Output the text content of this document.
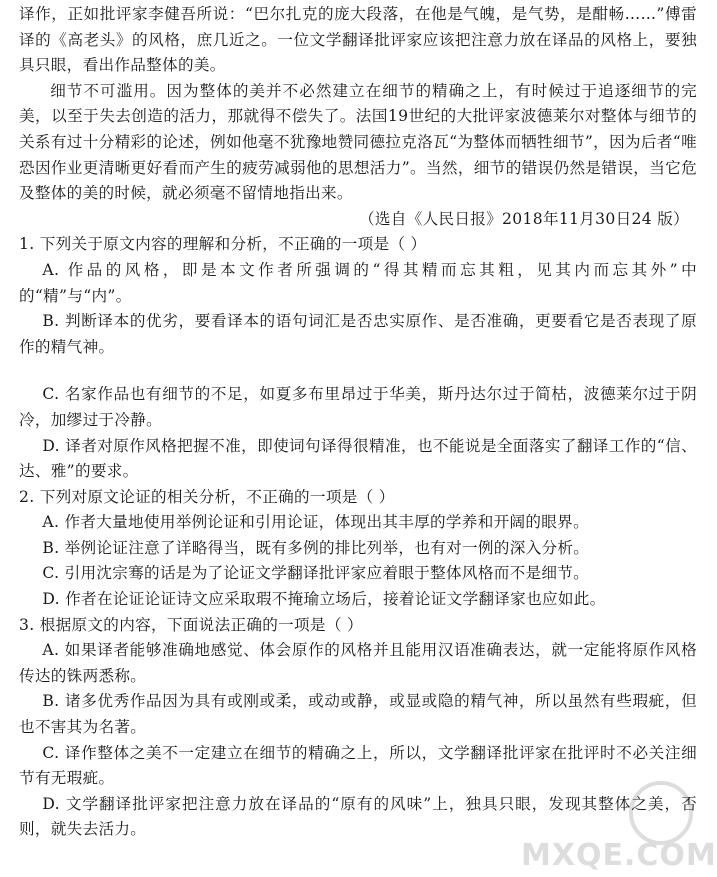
译作，正如批评家李健吾所说：“巴尔扎克的庞大段落，在他是气魄，是气势，是酣畅……”傅雷译的《高老头》的风格，庶几近之。一位文学翻译批评家应该把注意力放在译品的风格上，要独具只眼，看出作品整体的美。

细节不可滥用。因为整体的美并不必然建立在细节的精确之上，有时候过于追逐细节的完美，以至于失去创造的活力，那就得不偿失了。法国19世纪的大批评家波德莱尔对整体与细节的关系有过十分精彩的论述，例如他毫不犹豫地赞同德拉克洛瓦“为整体而牺牲细节”，因为后者“唯恐因作业更清晰更好看而产生的疲劳减弱他的思想活力”。当然，细节的错误仍然是错误，当它危及整体的美的时候，就必须毫不留情地指出来。

（选自《人民日报》2018年11月30日24 版）

1. 下列关于原文内容的理解和分析，不正确的一项是（ ）

A. 作品的风格，即是本文作者所强调的“得其精而忘其粗，见其内而忘其外”中的“精”与“内”。

B. 判断译本的优劣，要看译本的语句词汇是否忠实原作、是否准确，更要看它是否表现了原作的精气神。

C. 名家作品也有细节的不足，如夏多布里昂过于华美，斯丹达尔过于简枯，波德莱尔过于阴冷，加缪过于冷静。

D. 译者对原作风格把握不准，即使词句译得很精准，也不能说是全面落实了翻译工作的“信、达、雅”的要求。

2. 下列对原文论证的相关分析，不正确的一项是（ ）

A. 作者大量地使用举例论证和引用论证，体现出其丰厚的学养和开阔的眼界。

B. 举例论证注意了详略得当，既有多例的排比列举，也有对一例的深入分析。

C. 引用沈宗骞的话是为了论证文学翻译批评家应着眼于整体风格而不是细节。

D. 作者在论证论证诗文应采取瑕不掩瑜立场后，接着论证文学翻译家也应如此。

3. 根据原文的内容，下面说法正确的一项是（ ）

A. 如果译者能够准确地感觉、体会原作的风格并且能用汉语准确表达，就一定能将原作风格传达的铢两悉称。

B. 诸多优秀作品因为具有或刚或柔，或动或静，或显或隐的精气神，所以虽然有些瑕疵，但也不害其为名著。

C. 译作整体之美不一定建立在细节的精确之上，所以，文学翻译批评家在批评时不必关注细节有无瑕疵。

D. 文学翻译批评家把注意力放在译品的“原有的风味”上，独具只眼，发现其整体之美，否则，就失去活力。

MXQE.COM
